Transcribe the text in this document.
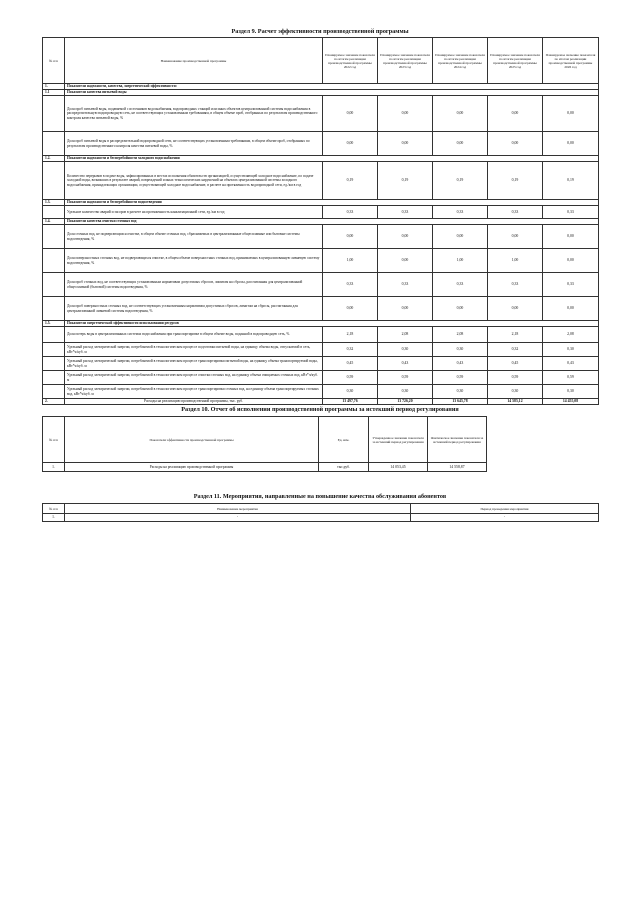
Раздел 9. Расчет эффективности производственной программы
№ п/п	Наименование производственной программы	Планируемое значение показателя по итогам реализации производственной программы 2022 год	Планируемое значение показателя по итогам реализации производственной программы 2023 год	Планируемое значение показателя по итогам реализации производственной программы 2024 год	Планируемое значение показателя по итогам реализации производственной программы 2025 год	Планируемое значение показателя по итогам реализации производственной программы 2026 год
1.	Показатели надежности, качества, энергетической эффективности:					
1.1	Показатели качества питьевой воды					
	Доля проб питьевой воды, подаваемой с источников водоснабжения, водопроводных станций или иных объектов централизованной системы водоснабжения в распределительную водопроводную сеть, не соответствующих установленным требованиям, в общем объеме проб, отобранных по результатам производственного контроля качества питьевой воды, %	0,00	0,00	0,00	0,00	0,00
	Доля проб питьевой воды в распределительной водопроводной сети, не соответствующих установленным требованиям, в общем объеме проб, отобранных по результатам производственного контроля качества питьевой воды, %	0,00	0,00	0,00	0,00	0,00
1.2.	Показатели надежности и бесперебойности холодного водоснабжения					
	Количество перерывов в подаче воды, зафиксированных в местах исполнения обязательств организацией, осуществляющей холодное водоснабжение, по подаче холодной воды, возникших в результате аварий, повреждений и иных технологических нарушений на объектах централизованной системы холодного водоснабжения, принадлежащих организации, осуществляющей холодное водоснабжение, в расчете на протяженность водопроводной сети, ед./км в год	0,19	0,19	0,19	0,19	0,19
1.3.	Показатели надежности и бесперебойности водоотведения					
	Удельное количество аварий и засоров в расчете на протяженность канализационной сети, ед./км в год	0,33	0,33	0,33	0,33	0,33
1.4.	Показатели качества очистки сточных вод					
	Доля сточных вод, не подвергающихся очистке, в общем объеме сточных вод, сбрасываемых в централизованные общесплавные или бытовые системы водоотведения, %	0,00	0,00	0,00	0,00	0,00
	Доля поверхностных сточных вод, не подвергающихся очистке, в общем объеме поверхностных сточных вод, принимаемых в централизованную ливневую систему водоотведения, %	1,00	0,00	1,00	1,00	0,00
	Доля проб сточных вод, не соответствующих установленным нормативам допустимых сбросов, лимитам на сбросы, рассчитанная для централизованной общесплавной (бытовой) системы водоотведения, %	0,33	0,33	0,33	0,33	0,33
	Доля проб поверхностных сточных вод, не соответствующих установленным нормативам допустимых сбросов, лимитам на сбросы, рассчитанная для централизованной ливневой системы водоотведения, %	0,00	0,00	0,00	0,00	0,00
1.5.	Показатели энергетической эффективности использования ресурсов					
	Доля потерь воды в централизованных системах водоснабжения при транспортировке в общем объеме воды, поданной в водопроводную сеть, %	2,18	2,08	2,08	2,18	2,08
	Удельный расход электрической энергии, потребляемой в технологическом процессе подготовки питьевой воды, на единицу объема воды, отпускаемой в сеть, кВт*ч/куб. м	0,32	0,30	0,30	0,32	0,30
	Удельный расход электрической энергии, потребляемой в технологическом процессе транспортировки питьевой воды, на единицу объема транспортируемой воды, кВт*ч/куб. м	0,45	0,43	0,43	0,45	0,43
	Удельный расход электрической энергии, потребляемой в технологическом процессе очистки сточных вод, на единицу объема очищаемых сточных вод, кВт*ч/куб. м	0,59	0,59	0,59	0,59	0,59
	Удельный расход электрической энергии, потребляемой в технологическом процессе транспортировки сточных вод, на единицу объема транспортируемых сточных вод, кВт*ч/куб. м	0,30	0,30	0,30	0,30	0,30
2.	Расходы на реализацию производственной программы, тыс. руб.	13 497,76	13 726,20	13 645,78	14 585,12	14 455,08
Раздел 10. Отчет об исполнении производственной программы за истекший период регулирования
№ п/п	Показатели эффективности производственной программы	Ед. изм.	Утвержденное значение показателя за истекший период регулирования	Фактическое значение показателя за истекший период регулирования
1.	Расходы на реализацию производственной программы	тыс.руб.	14 053,45	14 558,87
Раздел 11. Мероприятия, направленные на повышение качества обслуживания абонентов
№ п/п	Наименование мероприятия	Период проведения мероприятия
1.	-	-
